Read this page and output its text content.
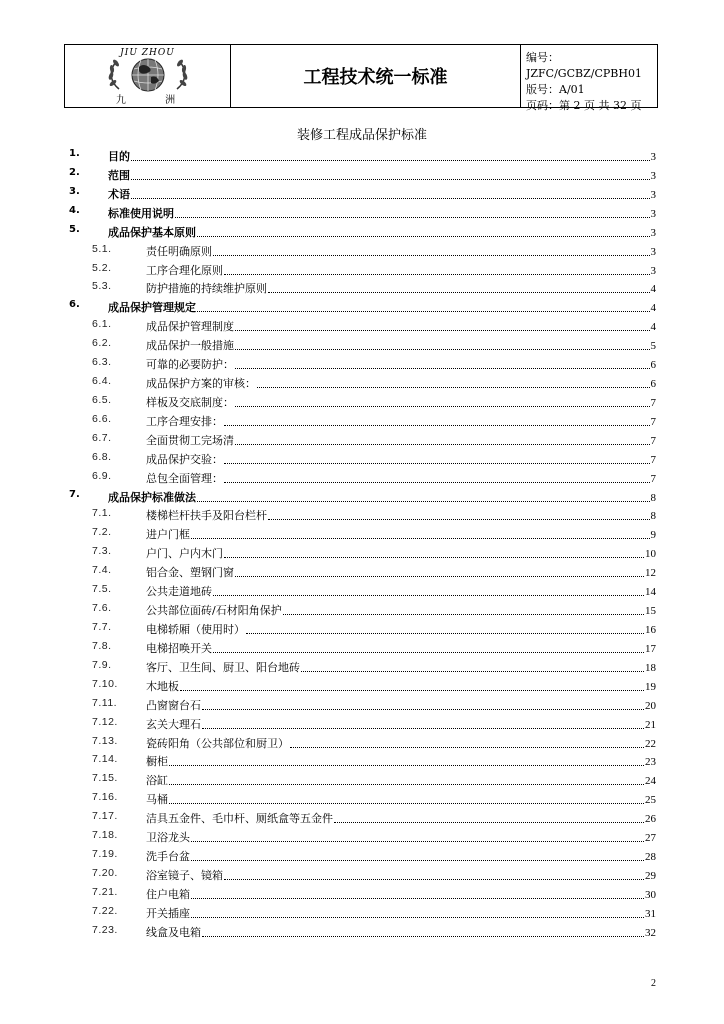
JIU ZHOU
九 洲
工程技术统一标准
编号：JZFC/GCBZ/CPBH01
版号：A/01
页码：第 2 页 共 32 页
装修工程成品保护标准
1.	目的	3
2.	范围	3
3.	术语	3
4.	标准使用说明	3
5.	成品保护基本原则	3
5.1.	责任明确原则	3
5.2.	工序合理化原则	3
5.3.	防护措施的持续维护原则	4
6.	成品保护管理规定	4
6.1.	成品保护管理制度	4
6.2.	成品保护一般措施	5
6.3.	可靠的必要防护：	6
6.4.	成品保护方案的审核：	6
6.5.	样板及交底制度：	7
6.6.	工序合理安排：	7
6.7.	全面贯彻工完场清	7
6.8.	成品保护交验：	7
6.9.	总包全面管理：	7
7.	成品保护标准做法	8
7.1.	楼梯栏杆扶手及阳台栏杆	8
7.2.	进户门框	9
7.3.	户门、户内木门	10
7.4.	铝合金、塑钢门窗	12
7.5.	公共走道地砖	14
7.6.	公共部位面砖/石材阳角保护	15
7.7.	电梯轿厢（使用时）	16
7.8.	电梯招唤开关	17
7.9.	客厅、卫生间、厨卫、阳台地砖	18
7.10.	木地板	19
7.11.	凸窗窗台石	20
7.12.	玄关大理石	21
7.13.	瓷砖阳角（公共部位和厨卫）	22
7.14.	橱柜	23
7.15.	浴缸	24
7.16.	马桶	25
7.17.	洁具五金件、毛巾杆、厕纸盒等五金件	26
7.18.	卫浴龙头	27
7.19.	洗手台盆	28
7.20.	浴室镜子、镜箱	29
7.21.	住户电箱	30
7.22.	开关插座	31
7.23.	线盒及电箱	32
2
